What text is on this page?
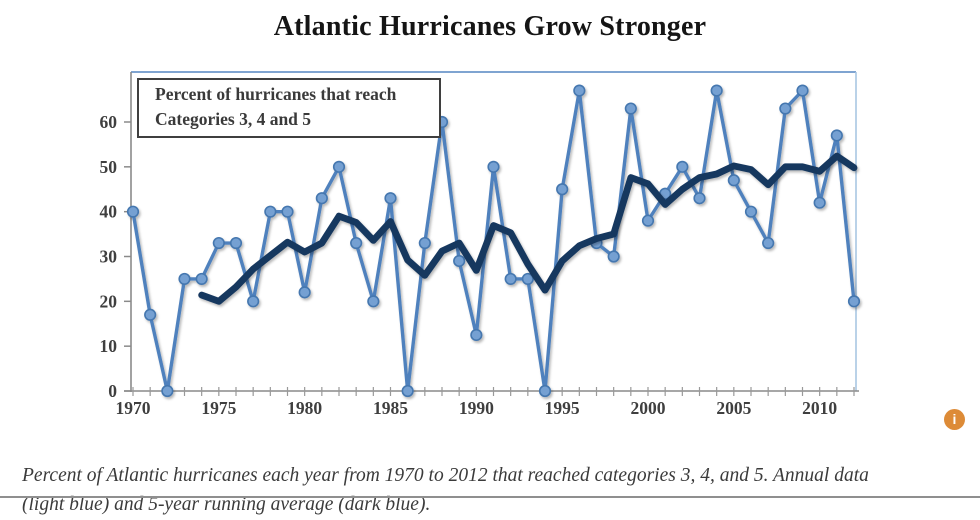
Atlantic Hurricanes Grow Stronger
0
10
20
30
40
50
60
1970	1975	1980	1985	1990	1995	2000	2005	2010
Percent of hurricanes that reach
Categories 3, 4 and 5

Percent of Atlantic hurricanes each year from 1970 to 2012 that reached categories 3, 4, and 5. Annual data
(light blue) and 5-year running average (dark blue).

i
